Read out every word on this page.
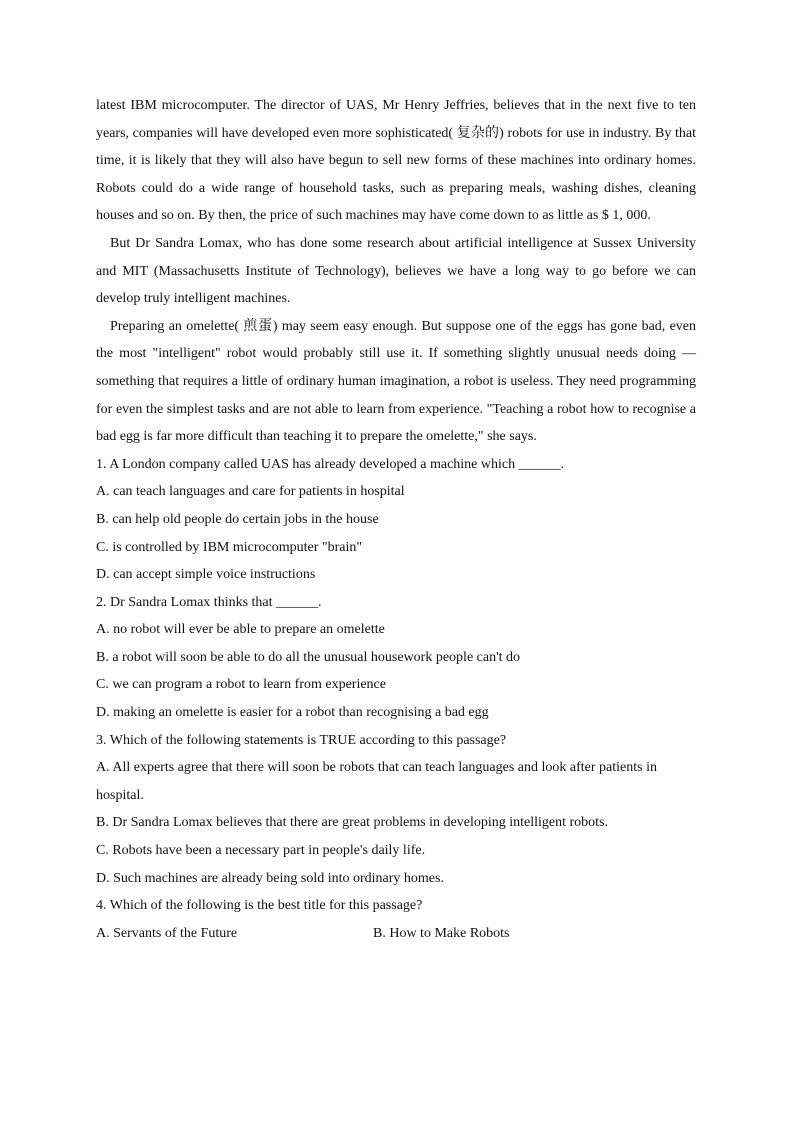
latest IBM microcomputer. The director of UAS, Mr Henry Jeffries, believes that in the next five to ten years, companies will have developed even more sophisticated( 复杂的) robots for use in industry. By that time, it is likely that they will also have begun to sell new forms of these machines into ordinary homes. Robots could do a wide range of household tasks, such as preparing meals, washing dishes, cleaning houses and so on. By then, the price of such machines may have come down to as little as $ 1, 000.

But Dr Sandra Lomax, who has done some research about artificial intelligence at Sussex University and MIT (Massachusetts Institute of Technology), believes we have a long way to go before we can develop truly intelligent machines.

Preparing an omelette( 煎蛋) may seem easy enough. But suppose one of the eggs has gone bad, even the most "intelligent" robot would probably still use it. If something slightly unusual needs doing —something that requires a little of ordinary human imagination, a robot is useless. They need programming for even the simplest tasks and are not able to learn from experience. "Teaching a robot how to recognise a bad egg is far more difficult than teaching it to prepare the omelette," she says.

1. A London company called UAS has already developed a machine which ______.

A. can teach languages and care for patients in hospital

B. can help old people do certain jobs in the house

C. is controlled by IBM microcomputer "brain"

D. can accept simple voice instructions

2. Dr Sandra Lomax thinks that ______.

A. no robot will ever be able to prepare an omelette

B. a robot will soon be able to do all the unusual housework people can't do

C. we can program a robot to learn from experience

D. making an omelette is easier for a robot than recognising a bad egg

3. Which of the following statements is TRUE according to this passage?

A. All experts agree that there will soon be robots that can teach languages and look after patients in hospital.

B. Dr Sandra Lomax believes that there are great problems in developing intelligent robots.

C. Robots have been a necessary part in people's daily life.

D. Such machines are already being sold into ordinary homes.

4. Which of the following is the best title for this passage?

A. Servants of the Future	B. How to Make Robots
